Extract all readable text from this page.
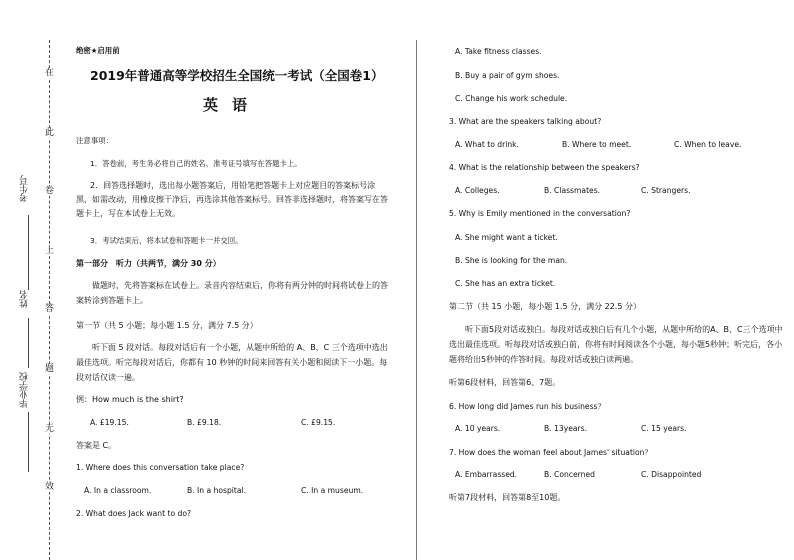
在
此
卷
上
答
题
无
效
考生号
姓名
毕业学校
绝密★启用前
2019年普通高等学校招生全国统一考试（全国卷1）
英语
注意事项：
1．答卷前，考生务必将自己的姓名、准考证号填写在答题卡上。
2．回答选择题时，选出每小题答案后，用铅笔把答题卡上对应题目的答案标号涂黑，如需改动，用橡皮擦干净后，再选涂其他答案标号。回答非选择题时，将答案写在答题卡上，写在本试卷上无效。
3．考试结束后，将本试卷和答题卡一并交回。
第一部分　听力（共两节，满分 30 分）
做题时，先将答案标在试卷上。录音内容结束后，你将有两分钟的时间将试卷上的答案转涂到答题卡上。
第一节（共 5 小题；每小题 1.5 分，满分 7.5 分）
听下面 5 段对话。每段对话后有一个小题，从题中所给的 A、B、C 三个选项中选出最佳选项。听完每段对话后，你都有 10 秒钟的时间来回答有关小题和阅读下一小题。每段对话仅读一遍。
例：How much is the shirt?
A. £19.15.	B. £9.18.	C. £9.15.
答案是 C。
1. Where does this conversation take place?
A. In a classroom.	B. In a hospital.	C. In a museum.
2. What does Jack want to do?
A. Take fitness classes.
B. Buy a pair of gym shoes.
C. Change his work schedule.
3. What are the speakers talking about?
A. What to drink.	B. Where to meet.	C. When to leave.
4. What is the relationship between the speakers?
A. Colleges.	B. Classmates.	C. Strangers.
5. Why is Emily mentioned in the conversation?
A. She might want a ticket.
B. She is looking for the man.
C. She has an extra ticket.
第二节（共 15 小题，每小题 1.5 分，满分 22.5 分）
听下面5段对话或独白。每段对话或独白后有几个小题，从题中所给的A、B、C三个选项中选出最佳选项。听每段对话或独白前，你将有时间阅读各个小题，每小题5秒钟；听完后，各小题将给出5秒钟的作答时间。每段对话或独白读两遍。
听第6段材料，回答第6、7题。
6. How long did James run his business？
A. 10 years.	B. 13years.	C. 15 years.
7. How does the woman feel about James' situation？
A. Embarrassed.	B. Concerned	C. Disappointed
听第7段材料，回答第8至10题。
